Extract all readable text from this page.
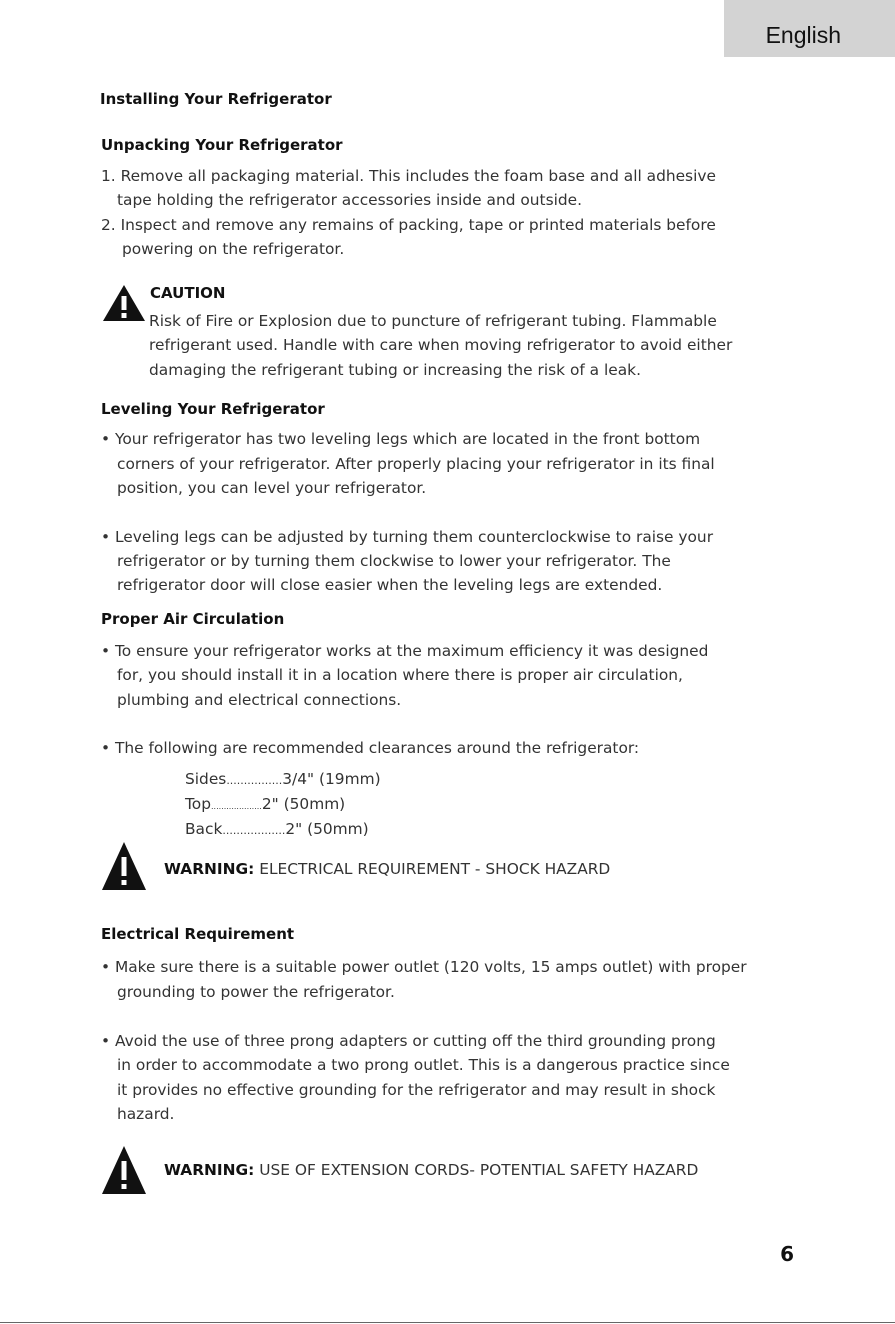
English
Installing Your Refrigerator
Unpacking Your Refrigerator
1. Remove all packaging material. This includes the foam base and all adhesive
tape holding the refrigerator accessories inside and outside.
2. Inspect and remove any remains of packing, tape or printed materials before
powering on the refrigerator.
CAUTION
Risk of Fire or Explosion due to puncture of refrigerant tubing. Flammable
refrigerant used. Handle with care when moving refrigerator to avoid either
damaging the refrigerant tubing or increasing the risk of a leak.
Leveling Your Refrigerator
• Your refrigerator has two leveling legs which are located in the front bottom
corners of your refrigerator. After properly placing your refrigerator in its final
position, you can level your refrigerator.
• Leveling legs can be adjusted by turning them counterclockwise to raise your
refrigerator or by turning them clockwise to lower your refrigerator. The
refrigerator door will close easier when the leveling legs are extended.
Proper Air Circulation
• To ensure your refrigerator works at the maximum efficiency it was designed
for, you should install it in a location where there is proper air circulation,
plumbing and electrical connections.
• The following are recommended clearances around the refrigerator:
Sides................3/4" (19mm)
Top....................2" (50mm)
Back..................2" (50mm)
WARNING: ELECTRICAL REQUIREMENT - SHOCK HAZARD
Electrical Requirement
• Make sure there is a suitable power outlet (120 volts, 15 amps outlet) with proper
grounding to power the refrigerator.
• Avoid the use of three prong adapters or cutting off the third grounding prong
in order to accommodate a two prong outlet. This is a dangerous practice since
it provides no effective grounding for the refrigerator and may result in shock
hazard.
WARNING: USE OF EXTENSION CORDS- POTENTIAL SAFETY HAZARD
6
